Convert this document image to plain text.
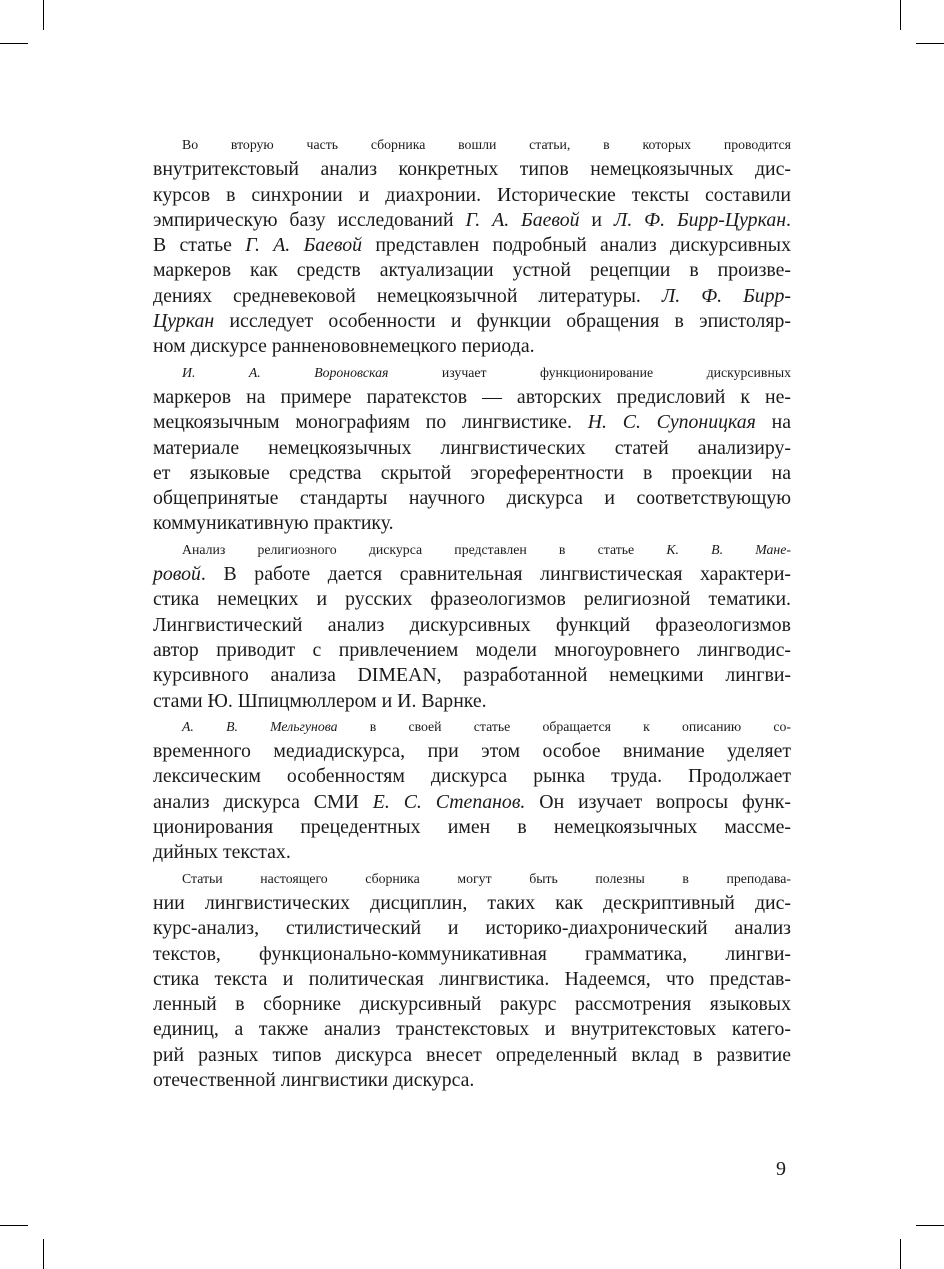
Во вторую часть сборника вошли статьи, в которых проводится
внутритекстовый анализ конкретных типов немецкоязычных дис-
курсов в синхронии и диахронии. Исторические тексты составили
эмпирическую базу исследований Г. А. Баевой и Л. Ф. Бирр-Цуркан.
В статье Г. А. Баевой представлен подробный анализ дискурсивных
маркеров как средств актуализации устной рецепции в произве-
дениях средневековой немецкоязычной литературы. Л. Ф. Бирр-
Цуркан исследует особенности и функции обращения в эпистоляр-
ном дискурсе ранненововнемецкого периода.
И. А. Вороновская изучает функционирование дискурсивных
маркеров на примере паратекстов — авторских предисловий к не-
мецкоязычным монографиям по лингвистике. Н. С. Супоницкая на
материале немецкоязычных лингвистических статей анализиру-
ет языковые средства скрытой эгореферентности в проекции на
общепринятые стандарты научного дискурса и соответствующую
коммуникативную практику.
Анализ религиозного дискурса представлен в статье К. В. Мане-
ровой. В работе дается сравнительная лингвистическая характери-
стика немецких и русских фразеологизмов религиозной тематики.
Лингвистический анализ дискурсивных функций фразеологизмов
автор приводит с привлечением модели многоуровнего лингводис-
курсивного анализа DIMEAN, разработанной немецкими лингви-
стами Ю. Шпицмюллером и И. Варнке.
А. В. Мельгунова в своей статье обращается к описанию со-
временного медиадискурса, при этом особое внимание уделяет
лексическим особенностям дискурса рынка труда. Продолжает
анализ дискурса СМИ Е. С. Степанов. Он изучает вопросы функ-
ционирования прецедентных имен в немецкоязычных массме-
дийных текстах.
Статьи настоящего сборника могут быть полезны в преподава-
нии лингвистических дисциплин, таких как дескриптивный дис-
курс-анализ, стилистический и историко-диахронический анализ
текстов, функционально-коммуникативная грамматика, лингви-
стика текста и политическая лингвистика. Надеемся, что представ-
ленный в сборнике дискурсивный ракурс рассмотрения языковых
единиц, а также анализ транстекстовых и внутритекстовых катего-
рий разных типов дискурса внесет определенный вклад в развитие
отечественной лингвистики дискурса.
9
